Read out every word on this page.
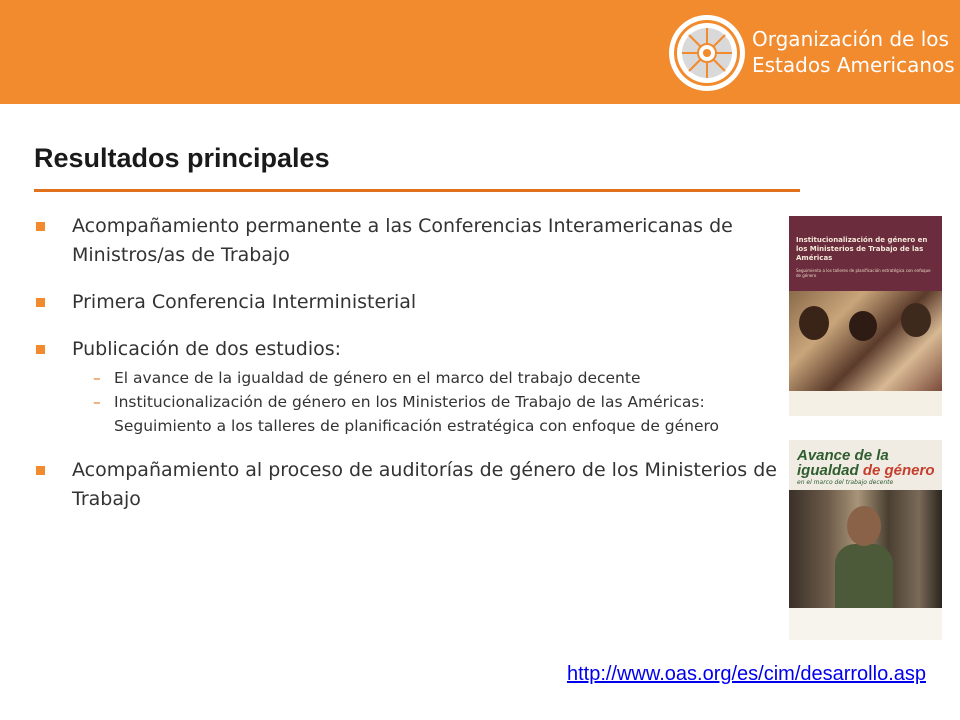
Organización de los
Estados Americanos
Resultados principales
Acompañamiento permanente a las Conferencias Interamericanas de Ministros/as de Trabajo
Primera Conferencia Interministerial
Publicación de dos estudios:
– El avance de la igualdad de género en el marco del trabajo decente
– Institucionalización de género en los Ministerios de Trabajo de las Américas: Seguimiento a los talleres de planificación estratégica con enfoque de género
Acompañamiento al proceso de auditorías de género de los Ministerios de Trabajo
Institucionalización de género en los Ministerios de Trabajo de las Américas
Seguimiento a los talleres de planificación estratégica con enfoque de género
Avance de la
igualdad de género
en el marco del trabajo decente
http://www.oas.org/es/cim/desarrollo.asp
